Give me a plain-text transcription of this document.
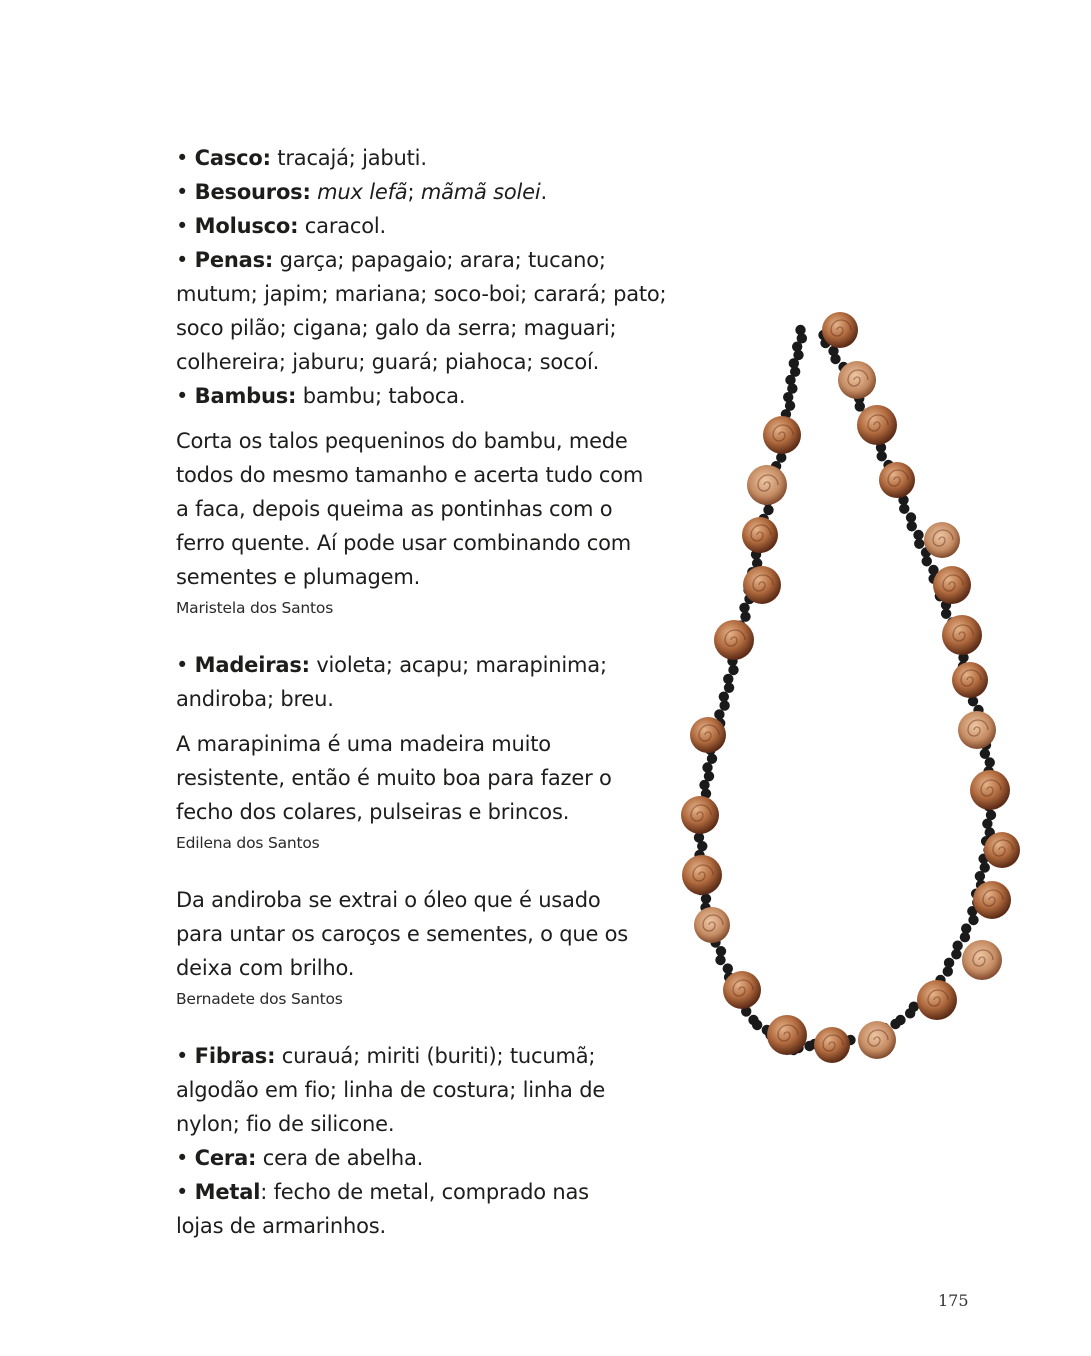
• Casco: tracajá; jabuti.
• Besouros: mux lefã; mãmã solei.
• Molusco: caracol.
• Penas: garça; papagaio; arara; tucano;
mutum; japim; mariana; soco-boi; carará; pato;
soco pilão; cigana; galo da serra; maguari;
colhereira; jaburu; guará; piahoca; socoí.
• Bambus: bambu; taboca.
Corta os talos pequeninos do bambu, mede
todos do mesmo tamanho e acerta tudo com
a faca, depois queima as pontinhas com o
ferro quente. Aí pode usar combinando com
sementes e plumagem.
Maristela dos Santos
• Madeiras: violeta; acapu; marapinima;
andiroba; breu.
A marapinima é uma madeira muito
resistente, então é muito boa para fazer o
fecho dos colares, pulseiras e brincos.
Edilena dos Santos
Da andiroba se extrai o óleo que é usado
para untar os caroços e sementes, o que os
deixa com brilho.
Bernadete dos Santos
• Fibras: curauá; miriti (buriti); tucumã;
algodão em fio; linha de costura; linha de
nylon; fio de silicone.
• Cera: cera de abelha.
• Metal: fecho de metal, comprado nas
lojas de armarinhos.
175
